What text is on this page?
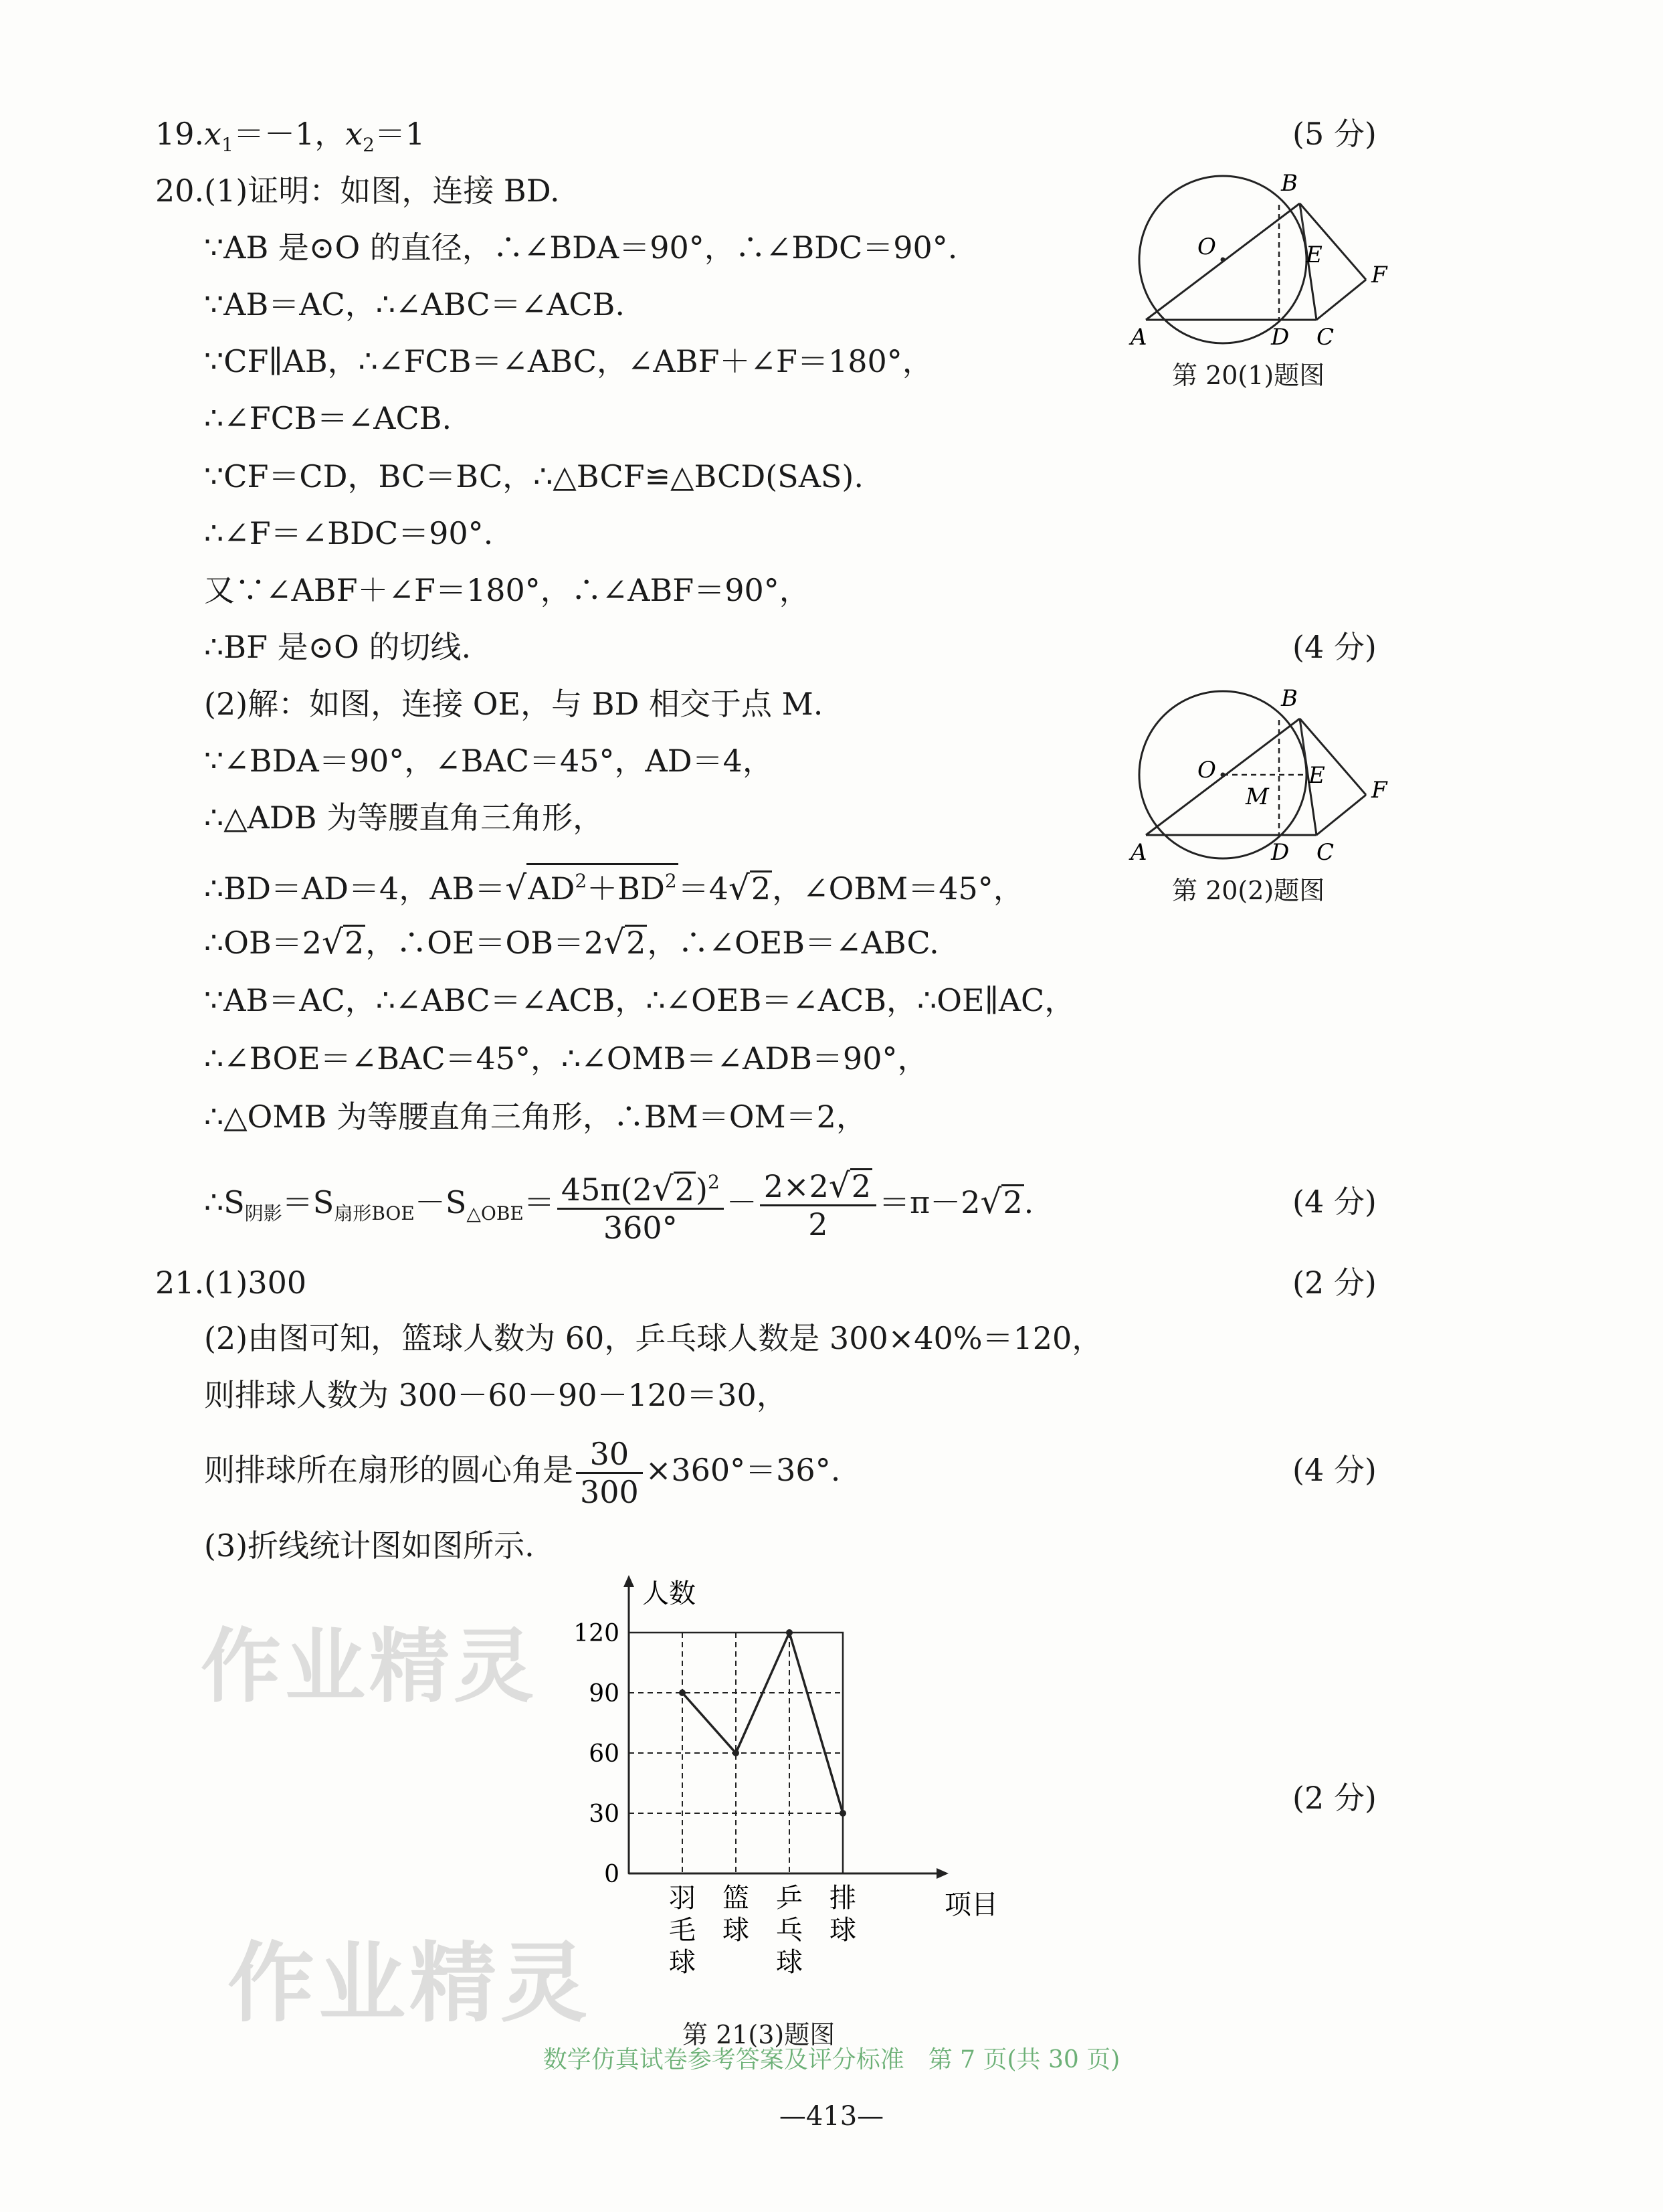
$19.x_1=-1$，$x_2=1$	(5 分)
20.(1)证明：如图，连接 BD.
∵AB 是⊙O 的直径，∴∠BDA＝90°，∴∠BDC＝90°.
∵AB＝AC，∴∠ABC＝∠ACB.
∵CF∥AB，∴∠FCB＝∠ABC，∠ABF＋∠F＝180°，
∴∠FCB＝∠ACB.
∵CF＝CD，BC＝BC，∴△BCF≌△BCD(SAS).
∴∠F＝∠BDC＝90°.
又∵∠ABF＋∠F＝180°，∴∠ABF＝90°，
∴BF 是⊙O 的切线.	(4 分)
(2)解：如图，连接 OE，与 BD 相交于点 M.
∵∠BDA＝90°，∠BAC＝45°，AD＝4，
∴△ADB 为等腰直角三角形，
∴BD＝AD＝4，$AB=√AD^2+BD^2=4√2$，∠OBM＝45°，
∴OB＝2√2，∴OE＝OB＝2√2，∴∠OEB＝∠ABC.
∵AB＝AC，∴∠ABC＝∠ACB，∴∠OEB＝∠ACB，∴OE∥AC，
∴∠BOE＝∠BAC＝45°，∴∠OMB＝∠ADB＝90°，
∴△OMB 为等腰直角三角形，∴BM＝OM＝2，
$\therefore S_{阴影}=S_{扇形BOE}-S_{\triangle OBE}= \frac{45\pi(2√2)^2}{360^\circ} - \frac{2\times 2√2}{2} =\pi-2√2$.	(4 分)
21.(1)300	(2 分)
(2)由图可知，篮球人数为 60，乒乓球人数是 300×40%＝120，
则排球人数为 300－60－90－120＝30，
则排球所在扇形的圆心角是 $\frac{30}{300} \times 360^\circ=36^\circ$.	(4 分)
(3)折线统计图如图所示.
(2 分)
B
O	E
F
A	D C
第 20(1)题图
B
O	E
M	F
A	D C
第 20(2)题图
0
30
60
90
120
人数
项目
羽
毛
球
篮
球
乒
乓
球
排
球
第 21(3)题图
作业精灵
作业精灵
数学仿真试卷参考答案及评分标准　第 7 页(共 30 页)
—413—
